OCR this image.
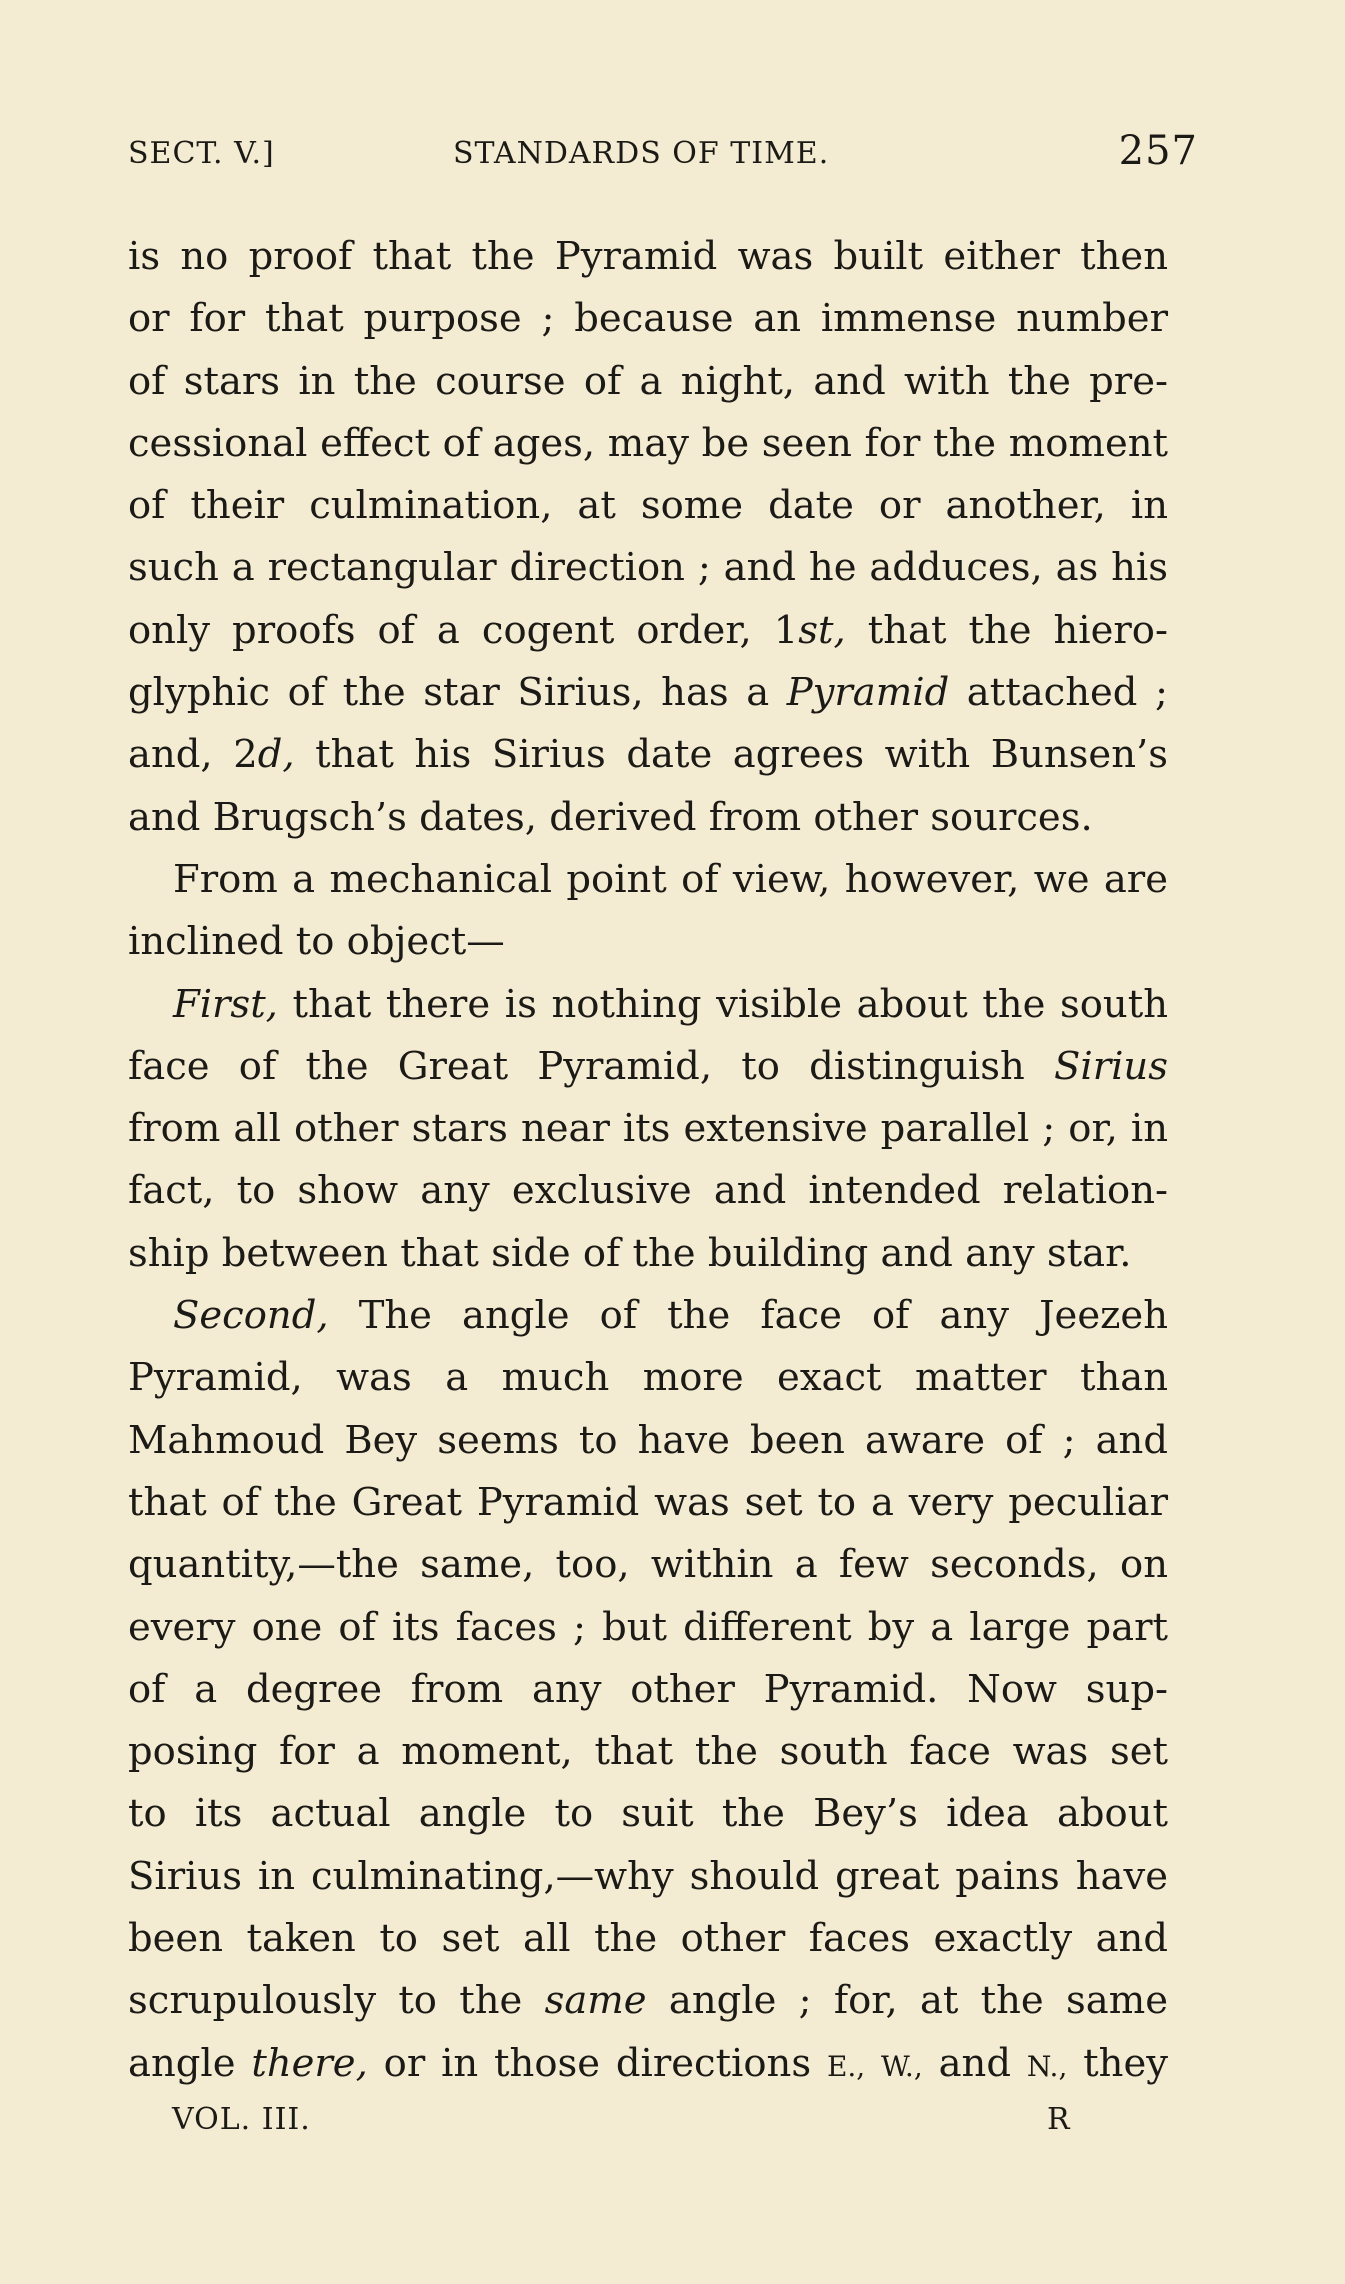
SECT. V.]	STANDARDS OF TIME.	257
is no proof that the Pyramid was built either then
or for that purpose ; because an immense number
of stars in the course of a night, and with the pre-
cessional effect of ages, may be seen for the moment
of their culmination, at some date or another, in
such a rectangular direction ; and he adduces, as his
only proofs of a cogent order, 1st, that the hiero-
glyphic of the star Sirius, has a Pyramid attached ;
and, 2d, that his Sirius date agrees with Bunsen’s
and Brugsch’s dates, derived from other sources.
From a mechanical point of view, however, we are
inclined to object—
First, that there is nothing visible about the south
face of the Great Pyramid, to distinguish Sirius
from all other stars near its extensive parallel ; or, in
fact, to show any exclusive and intended relation-
ship between that side of the building and any star.
Second, The angle of the face of any Jeezeh
Pyramid, was a much more exact matter than
Mahmoud Bey seems to have been aware of ; and
that of the Great Pyramid was set to a very peculiar
quantity,—the same, too, within a few seconds, on
every one of its faces ; but different by a large part
of a degree from any other Pyramid. Now sup-
posing for a moment, that the south face was set
to its actual angle to suit the Bey’s idea about
Sirius in culminating,—why should great pains have
been taken to set all the other faces exactly and
scrupulously to the same angle ; for, at the same
angle there, or in those directions E., W., and N., they
VOL. III.	R
